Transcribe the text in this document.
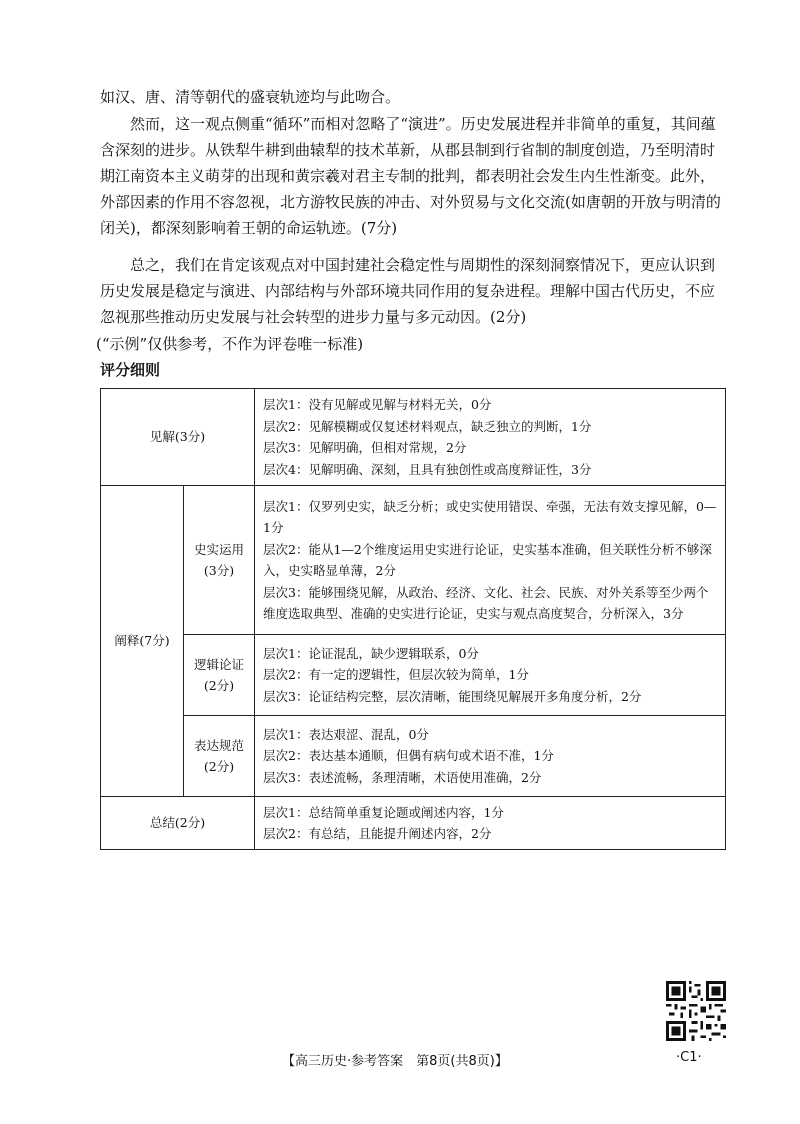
如汉、唐、清等朝代的盛衰轨迹均与此吻合。

然而，这一观点侧重“循环”而相对忽略了“演进”。历史发展进程并非简单的重复，其间蕴含深刻的进步。从铁犁牛耕到曲辕犁的技术革新，从郡县制到行省制的制度创造，乃至明清时期江南资本主义萌芽的出现和黄宗羲对君主专制的批判，都表明社会发生内生性渐变。此外，外部因素的作用不容忽视，北方游牧民族的冲击、对外贸易与文化交流(如唐朝的开放与明清的闭关)，都深刻影响着王朝的命运轨迹。(7分)

总之，我们在肯定该观点对中国封建社会稳定性与周期性的深刻洞察情况下，更应认识到历史发展是稳定与演进、内部结构与外部环境共同作用的复杂进程。理解中国古代历史，不应忽视那些推动历史发展与社会转型的进步力量与多元动因。(2分)

(“示例”仅供参考，不作为评卷唯一标准)

评分细则

见解(3分)		层次1：没有见解或见解与材料无关，0分
层次2：见解模糊或仅复述材料观点，缺乏独立的判断，1分
层次3：见解明确，但相对常规，2分
层次4：见解明确、深刻，且具有独创性或高度辩证性，3分

阐释(7分)	史实运用
(3分)	层次1：仅罗列史实，缺乏分析；或史实使用错误、牵强，无法有效支撑见解，0—1分
层次2：能从1—2个维度运用史实进行论证，史实基本准确，但关联性分析不够深入，史实略显单薄，2分
层次3：能够围绕见解，从政治、经济、文化、社会、民族、对外关系等至少两个维度选取典型、准确的史实进行论证，史实与观点高度契合，分析深入，3分

	逻辑论证
(2分)	层次1：论证混乱，缺少逻辑联系，0分
层次2：有一定的逻辑性，但层次较为简单，1分
层次3：论证结构完整，层次清晰，能围绕见解展开多角度分析，2分

	表达规范
(2分)	层次1：表达艰涩、混乱，0分
层次2：表达基本通顺，但偶有病句或术语不准，1分
层次3：表述流畅，条理清晰，术语使用准确，2分

总结(2分)		层次1：总结简单重复论题或阐述内容，1分
层次2：有总结，且能提升阐述内容，2分
【高三历史·参考答案　第8页(共8页)】	·C1·
